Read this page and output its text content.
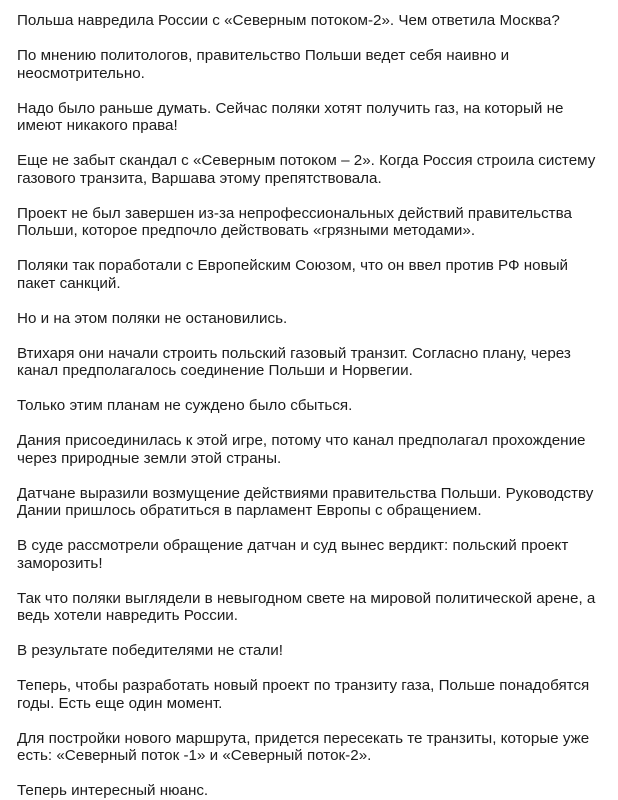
Польша навредила России с «Северным потоком-2». Чем ответила Москва?

По мнению политологов, правительство Польши ведет себя наивно и неосмотрительно.

Надо было раньше думать. Сейчас поляки хотят получить газ, на который не имеют никакого права!

Еще не забыт скандал с «Северным потоком – 2». Когда Россия строила систему газового транзита, Варшава этому препятствовала.

Проект не был завершен из-за непрофессиональных действий правительства Польши, которое предпочло действовать «грязными методами».

Поляки так поработали с Европейским Союзом, что он ввел против РФ новый пакет санкций.

Но и на этом поляки не остановились.

Втихаря они начали строить польский газовый транзит. Согласно плану, через канал предполагалось соединение Польши и Норвегии.

Только этим планам не суждено было сбыться.

Дания присоединилась к этой игре, потому что канал предполагал прохождение через природные земли этой страны.

Датчане выразили возмущение действиями правительства Польши. Руководству Дании пришлось обратиться в парламент Европы с обращением.

В суде рассмотрели обращение датчан и суд вынес вердикт: польский проект заморозить!

Так что поляки выглядели в невыгодном свете на мировой политической арене, а ведь хотели навредить России.

В результате победителями не стали!

Теперь, чтобы разработать новый проект по транзиту газа, Польше понадобятся годы. Есть еще один момент.

Для постройки нового маршрута, придется пересекать те транзиты, которые уже есть: «Северный поток -1» и «Северный поток-2».

Теперь интересный нюанс.
